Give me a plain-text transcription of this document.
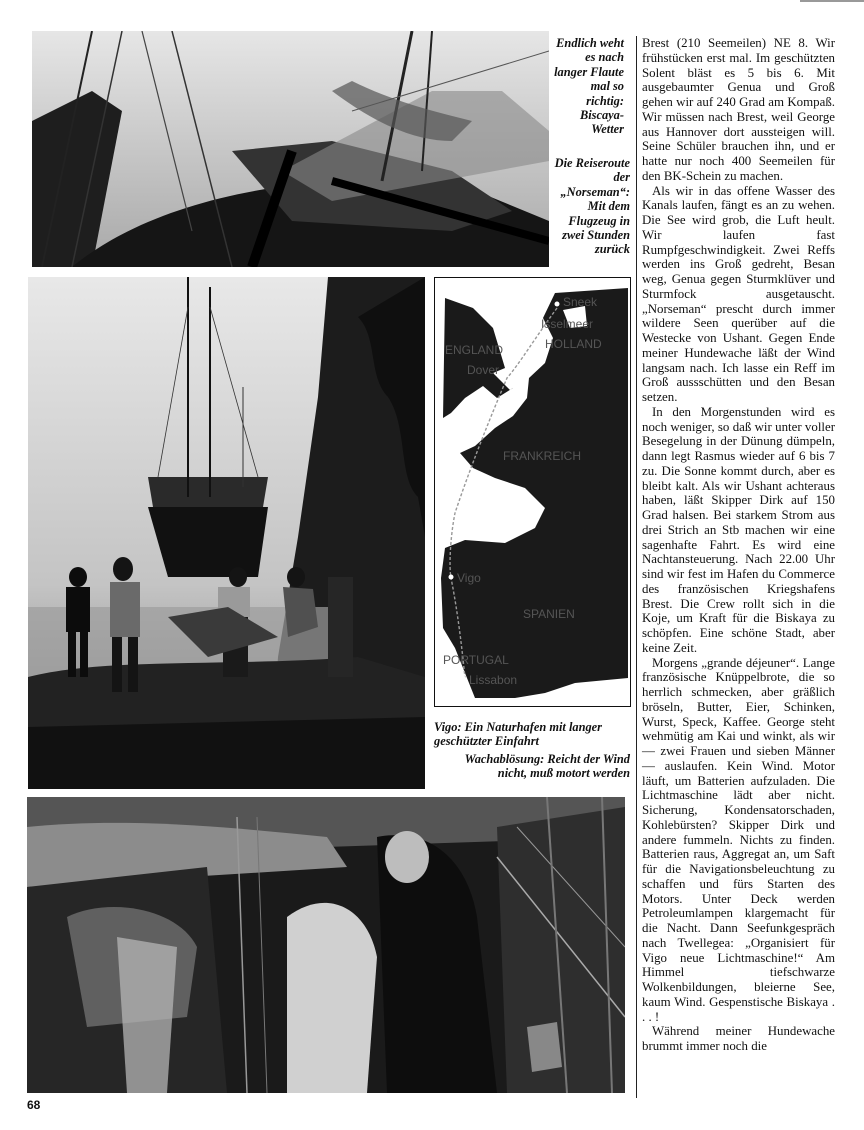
Endlich weht es nach langer Flaute mal so richtig: Biscaya-Wetter
Die Reiseroute der „Norseman“: Mit dem Flugzeug in zwei Stunden zurück
Sneek
Isselmeer
ENGLAND	HOLLAND
Dover
FRANKREICH
Vigo
SPANIEN
PORTUGAL
Lissabon
Vigo: Ein Naturhafen mit langer geschützter Einfahrt
Wachablösung: Reicht der Wind nicht, muß motort werden

Brest (210 Seemeilen) NE 8. Wir frühstücken erst mal. Im geschützten Solent bläst es 5 bis 6. Mit ausgebaumter Genua und Groß gehen wir auf 240 Grad am Kompaß. Wir müssen nach Brest, weil George aus Hannover dort aussteigen will. Seine Schüler brauchen ihn, und er hatte nur noch 400 Seemeilen für den BK-Schein zu machen.

Als wir in das offene Wasser des Kanals laufen, fängt es an zu wehen. Die See wird grob, die Luft heult. Wir laufen fast Rumpfgeschwindigkeit. Zwei Reffs werden ins Groß gedreht, Besan weg, Genua gegen Sturmklüver und Sturmfock ausgetauscht. „Norseman“ prescht durch immer wildere Seen querüber auf die Westecke von Ushant. Gegen Ende meiner Hundewache läßt der Wind langsam nach. Ich lasse ein Reff im Groß aussschütten und den Besan setzen.

In den Morgenstunden wird es noch weniger, so daß wir unter voller Besegelung in der Dünung dümpeln, dann legt Rasmus wieder auf 6 bis 7 zu. Die Sonne kommt durch, aber es bleibt kalt. Als wir Ushant achteraus haben, läßt Skipper Dirk auf 150 Grad halsen. Bei starkem Strom aus drei Strich an Stb machen wir eine sagenhafte Fahrt. Es wird eine Nachtansteuerung. Nach 22.00 Uhr sind wir fest im Hafen du Commerce des französischen Kriegshafens Brest. Die Crew rollt sich in die Koje, um Kraft für die Biskaya zu schöpfen. Eine schöne Stadt, aber keine Zeit.

Morgens „grande déjeuner“. Lange französische Knüppelbrote, die so herrlich schmecken, aber gräßlich bröseln, Butter, Eier, Schinken, Wurst, Speck, Kaffee. George steht wehmütig am Kai und winkt, als wir — zwei Frauen und sieben Männer — auslaufen. Kein Wind. Motor läuft, um Batterien aufzuladen. Die Lichtmaschine lädt aber nicht. Sicherung, Kondensatorschaden, Kohlebürsten? Skipper Dirk und andere fummeln. Nichts zu finden. Batterien raus, Aggregat an, um Saft für die Navigationsbeleuchtung zu schaffen und fürs Starten des Motors. Unter Deck werden Petroleumlampen klargemacht für die Nacht. Dann Seefunkgespräch nach Twellegea: „Organisiert für Vigo neue Lichtmaschine!“ Am Himmel tiefschwarze Wolkenbildungen, bleierne See, kaum Wind. Gespenstische Biskaya . . . !

Während meiner Hundewache brummt immer noch die

68
